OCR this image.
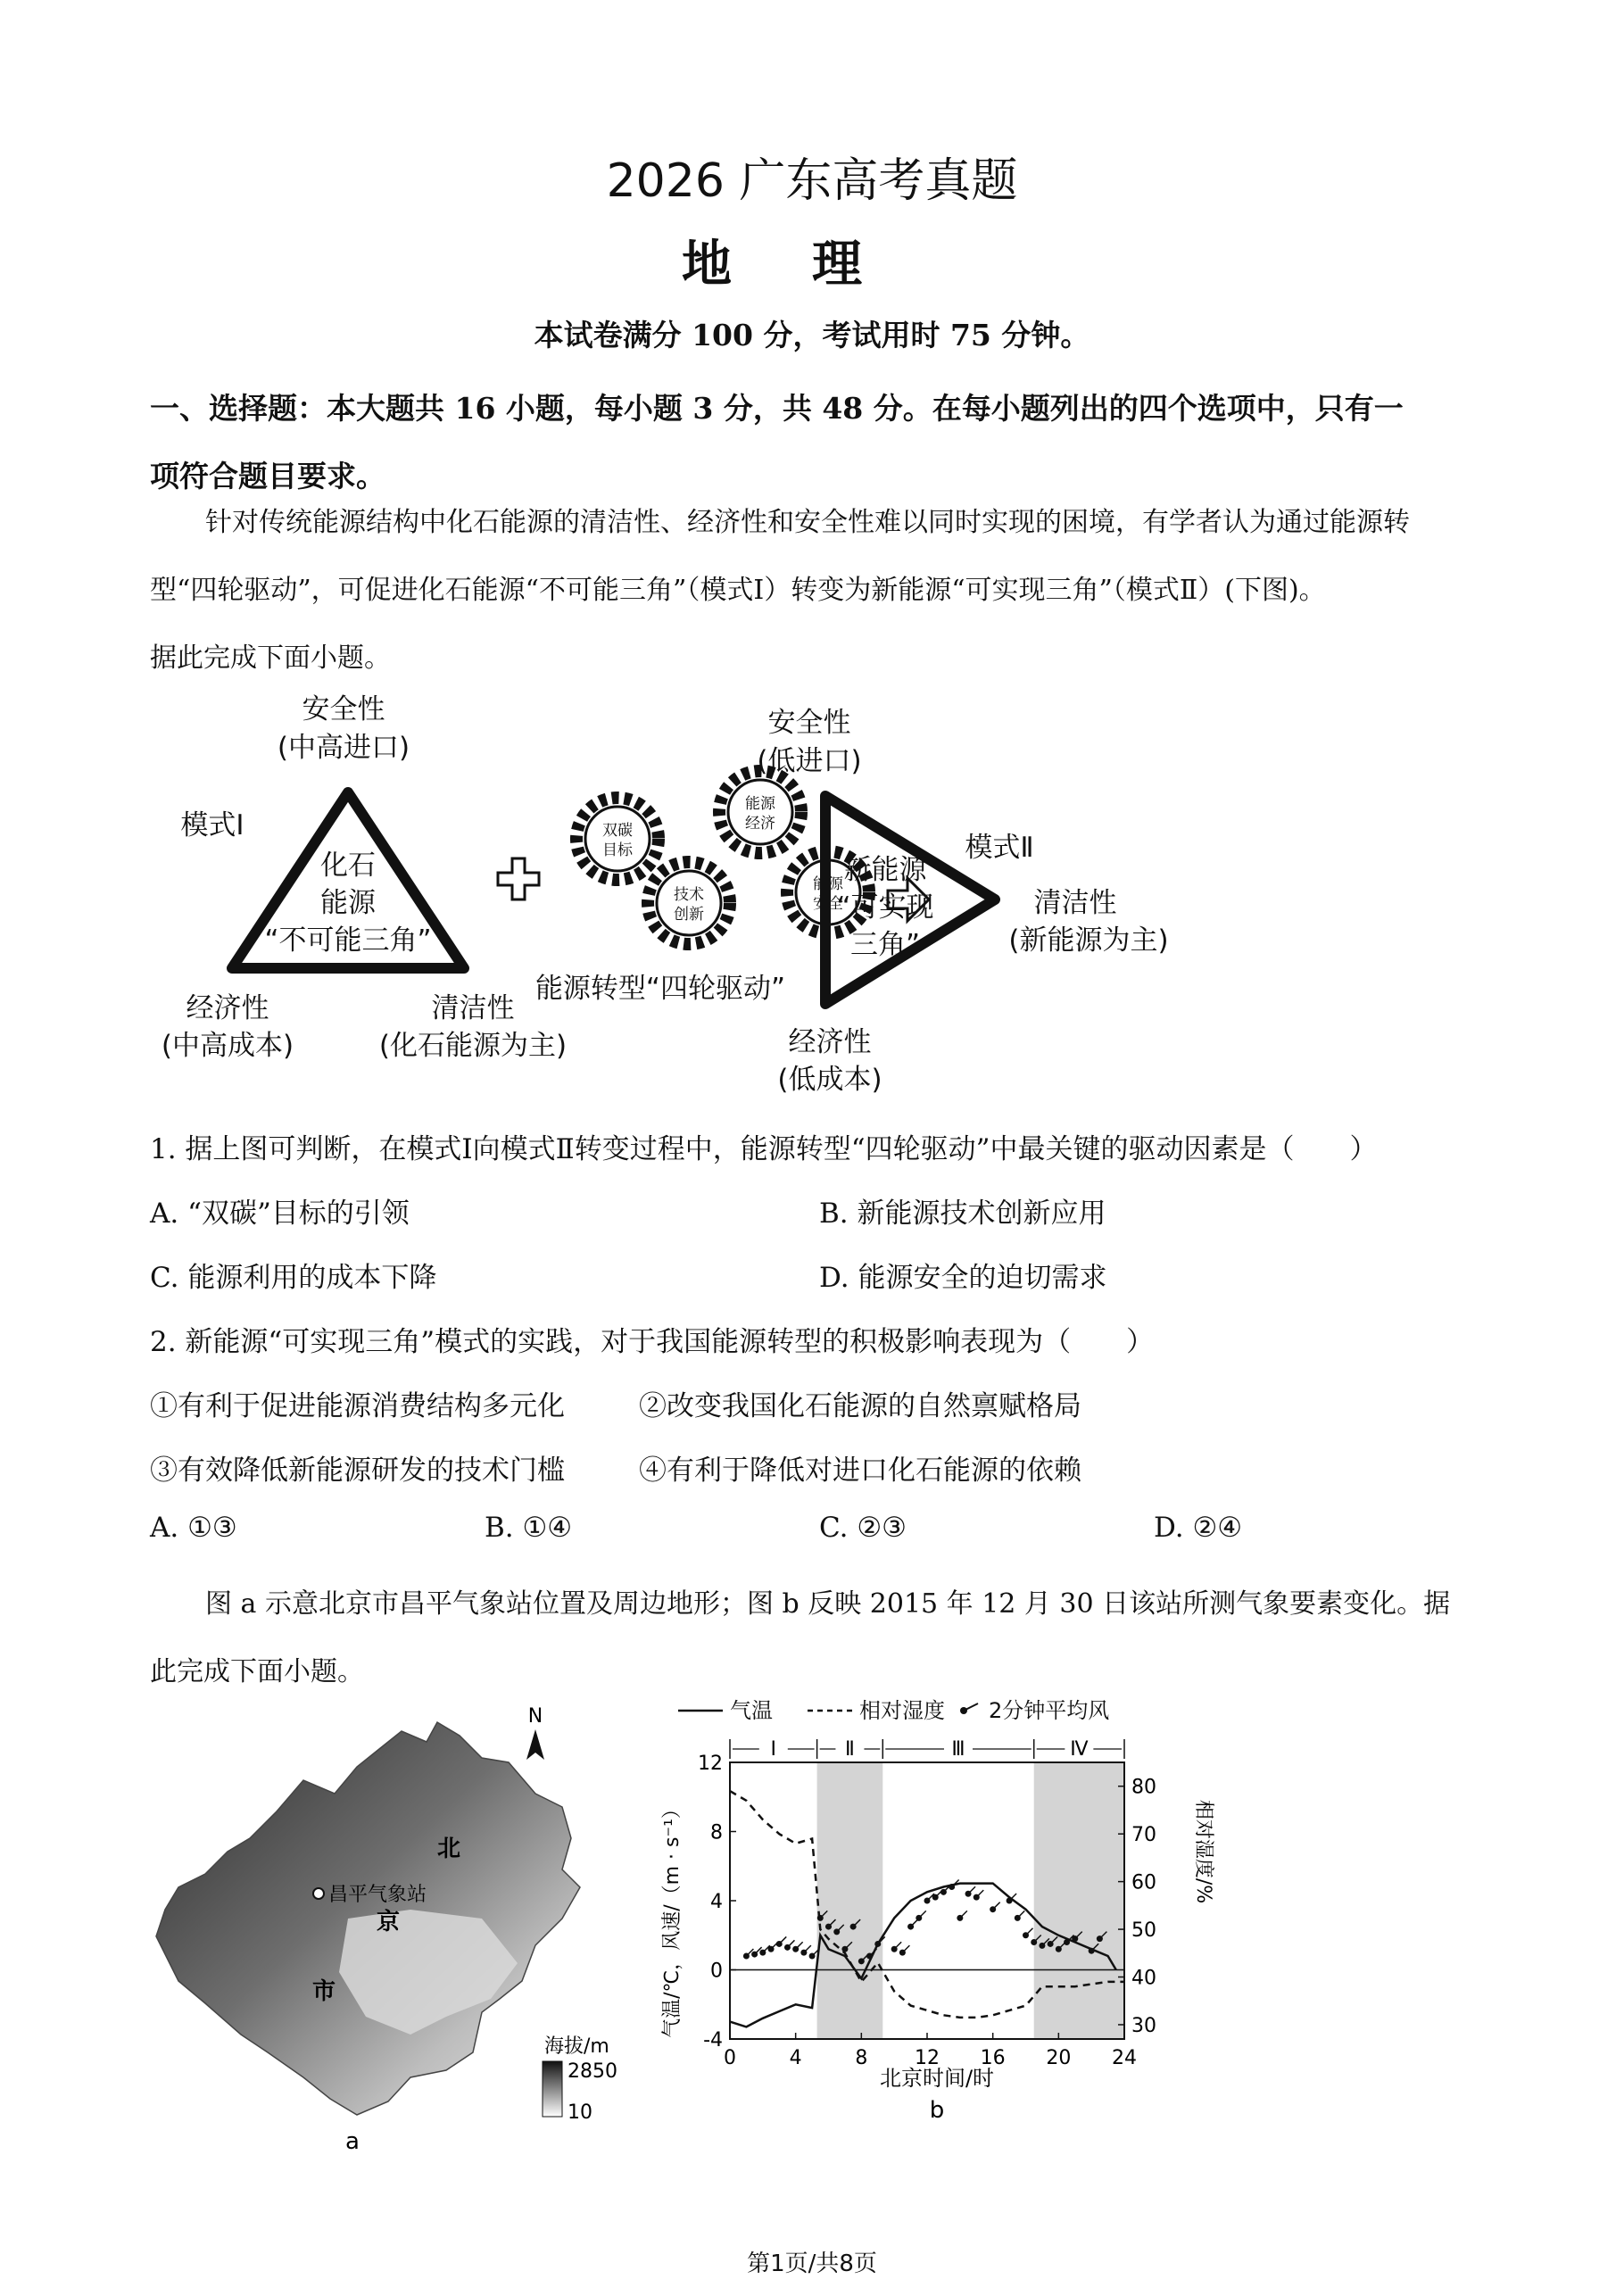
2026 广东高考真题
地理
本试卷满分 100 分，考试用时 75 分钟。
一、选择题：本大题共 16 小题，每小题 3 分，共 48 分。在每小题列出的四个选项中，只有一
项符合题目要求。
针对传统能源结构中化石能源的清洁性、经济性和安全性难以同时实现的困境，有学者认为通过能源转
型“四轮驱动”，可促进化石能源“不可能三角”（模式Ⅰ）转变为新能源“可实现三角”（模式Ⅱ）(下图)。
据此完成下面小题。
安全性
(中高进口)
模式Ⅰ
化石
能源
“不可能三角”
经济性
(中高成本)
清洁性
(化石能源为主)
双碳
目标
技术
创新
能源
经济
能源
安全
能源转型“四轮驱动”
安全性
(低进口)
模式Ⅱ
新能源
“可实现
三角”
清洁性
(新能源为主)
经济性
(低成本)
1. 据上图可判断，在模式Ⅰ向模式Ⅱ转变过程中，能源转型“四轮驱动”中最关键的驱动因素是（　　）
A. “双碳”目标的引领	B. 新能源技术创新应用
C. 能源利用的成本下降	D. 能源安全的迫切需求
2. 新能源“可实现三角”模式的实践，对于我国能源转型的积极影响表现为（　　）
①有利于促进能源消费结构多元化	②改变我国化石能源的自然禀赋格局
③有效降低新能源研发的技术门槛	④有利于降低对进口化石能源的依赖
A. ①③	B. ①④	C. ②③	D. ②④
图 a 示意北京市昌平气象站位置及周边地形；图 b 反映 2015 年 12 月 30 日该站所测气象要素变化。据
此完成下面小题。
N
昌平气象站
北
京
市
海拔/m
2850
10
a
气温	相对湿度 2分钟平均风
Ⅰ	Ⅱ	Ⅲ	Ⅳ
0	4	8 12 16 20 24
-4
0
4
8
12
30
40
50
60
70
80
气温/℃，风速/（m · s⁻¹）	相对湿度/%
北京时间/时
b
第1页/共8页
